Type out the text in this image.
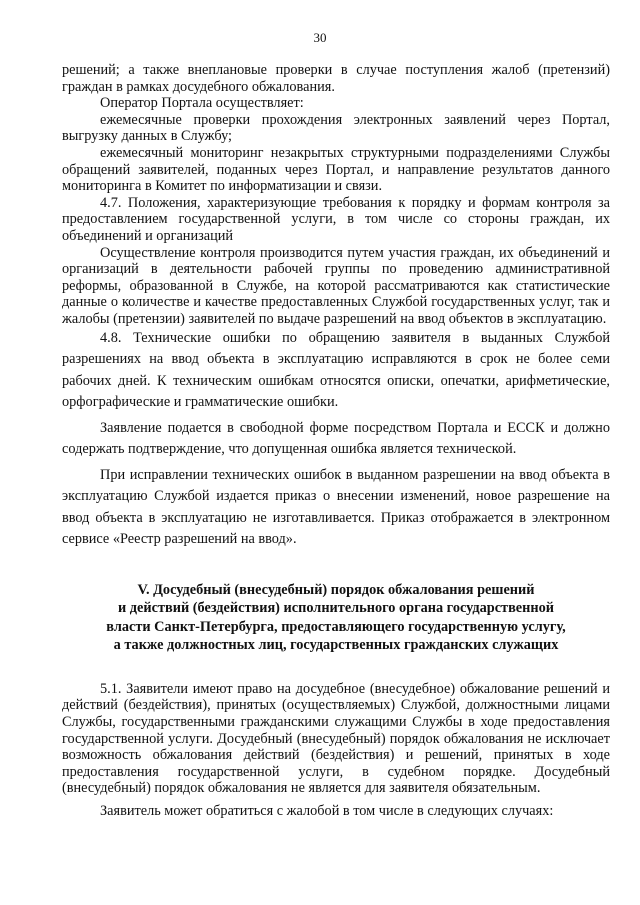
30

решений; а также внеплановые проверки в случае поступления жалоб (претензий) граждан в рамках досудебного обжалования.

Оператор Портала осуществляет:

ежемесячные проверки прохождения электронных заявлений через Портал, выгрузку данных в Службу;

ежемесячный мониторинг незакрытых структурными подразделениями Службы обращений заявителей, поданных через Портал, и направление результатов данного мониторинга в Комитет по информатизации и связи.

4.7. Положения, характеризующие требования к порядку и формам контроля за предоставлением государственной услуги, в том числе со стороны граждан, их объединений и организаций

Осуществление контроля производится путем участия граждан, их объединений и организаций в деятельности рабочей группы по проведению административной реформы, образованной в Службе, на которой рассматриваются как статистические данные о количестве и качестве предоставленных Службой государственных услуг, так и жалобы (претензии) заявителей по выдаче разрешений на ввод объектов в эксплуатацию.

4.8. Технические ошибки по обращению заявителя в выданных Службой разрешениях на ввод объекта в эксплуатацию исправляются в срок не более семи рабочих дней. К техническим ошибкам относятся описки, опечатки, арифметические, орфографические и грамматические ошибки.

Заявление подается в свободной форме посредством Портала и ЕССК и должно содержать подтверждение, что допущенная ошибка является технической.

При исправлении технических ошибок в выданном разрешении на ввод объекта в эксплуатацию Службой издается приказ о внесении изменений, новое разрешение на ввод объекта в эксплуатацию не изготавливается. Приказ отображается в электронном сервисе «Реестр разрешений на ввод».

V. Досудебный (внесудебный) порядок обжалования решений
и действий (бездействия) исполнительного органа государственной
власти Санкт-Петербурга, предоставляющего государственную услугу,
а также должностных лиц, государственных гражданских служащих

5.1. Заявители имеют право на досудебное (внесудебное) обжалование решений и действий (бездействия), принятых (осуществляемых) Службой, должностными лицами Службы, государственными гражданскими служащими Службы в ходе предоставления государственной услуги. Досудебный (внесудебный) порядок обжалования не исключает возможность обжалования действий (бездействия) и решений, принятых в ходе предоставления государственной услуги, в судебном порядке. Досудебный (внесудебный) порядок обжалования не является для заявителя обязательным.

Заявитель может обратиться с жалобой в том числе в следующих случаях:
